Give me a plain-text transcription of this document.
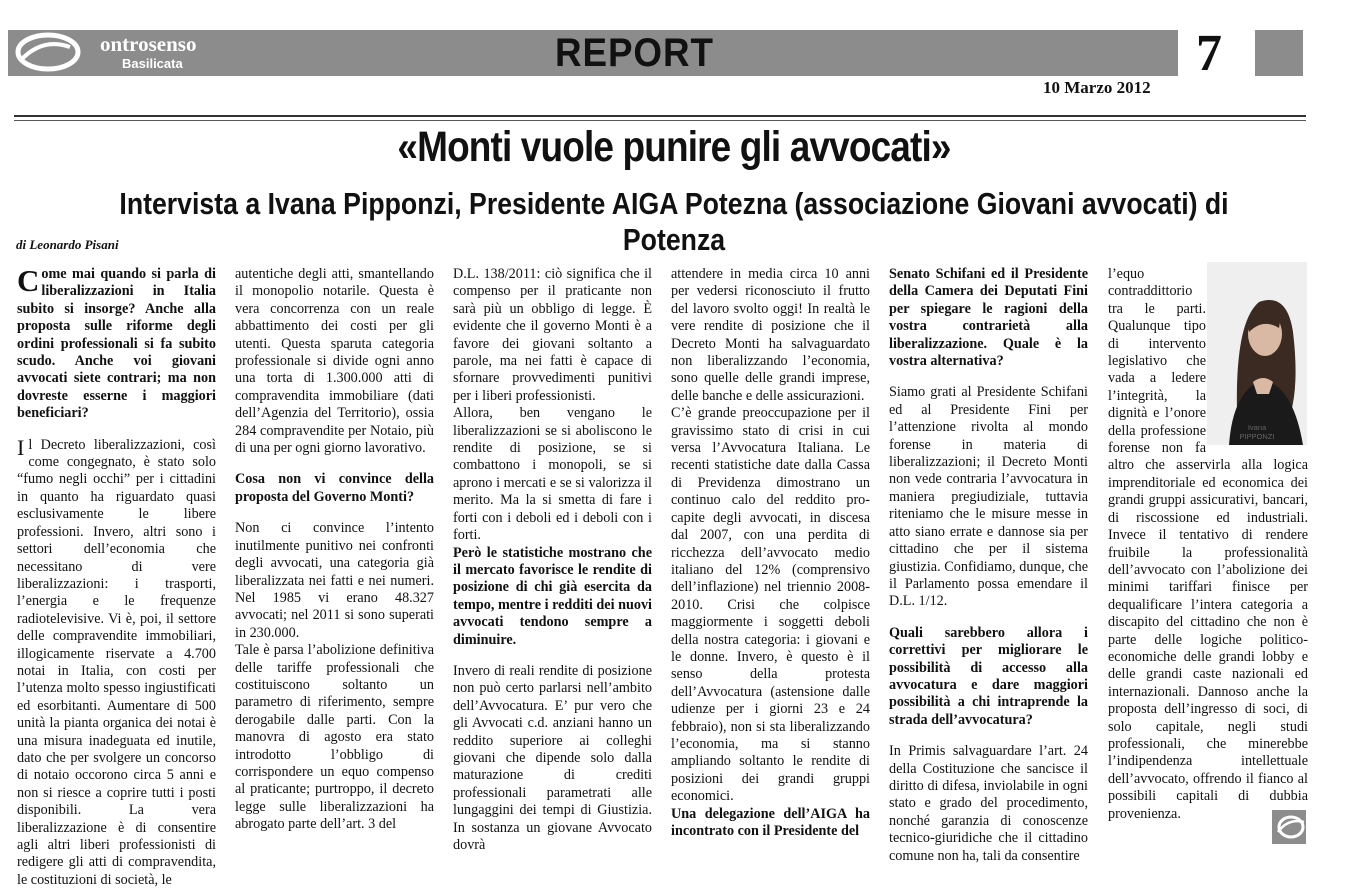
ontrosenso
Basilicata	REPORT	7
10 Marzo 2012
«Monti vuole punire gli avvocati»
Intervista a Ivana Pipponzi, Presidente AIGA Potezna (associazione Giovani avvocati) di Potenza
di Leonardo Pisani

Come mai quando si parla di liberalizzazioni in Italia subito si insorge? Anche alla proposta sulle riforme degli ordini professionali si fa subito scudo. Anche voi giovani avvocati siete contrari; ma non dovreste esserne i maggiori beneficiari?

Il Decreto liberalizzazioni, così come congegnato, è stato solo “fumo negli occhi” per i cittadini in quanto ha riguardato quasi esclusivamente le libere professioni. Invero, altri sono i settori dell’economia che necessitano di vere liberalizzazioni: i trasporti, l’energia e le frequenze radiotelevisive. Vi è, poi, il settore delle compravendite immobiliari, illogicamente riservate a 4.700 notai in Italia, con costi per l’utenza molto spesso ingiustificati ed esorbitanti. Aumentare di 500 unità la pianta organica dei notai è una misura inadeguata ed inutile, dato che per svolgere un concorso di notaio occorono circa 5 anni e non si riesce a coprire tutti i posti disponibili. La vera liberalizzazione è di consentire agli altri liberi professionisti di redigere gli atti di compravendita, le costituzioni di società, le

autentiche degli atti, smantellando il monopolio notarile. Questa è vera concorrenza con un reale abbattimento dei costi per gli utenti. Questa sparuta categoria professionale si divide ogni anno una torta di 1.300.000 atti di compravendita immobiliare (dati dell’Agenzia del Territorio), ossia 284 compravendite per Notaio, più di una per ogni giorno lavorativo.

Cosa non vi convince della proposta del Governo Monti?

Non ci convince l’intento inutilmente punitivo nei confronti degli avvocati, una categoria già liberalizzata nei fatti e nei numeri. Nel 1985 vi erano 48.327 avvocati; nel 2011 si sono superati in 230.000.

Tale è parsa l’abolizione definitiva delle tariffe professionali che costituiscono soltanto un parametro di riferimento, sempre derogabile dalle parti. Con la manovra di agosto era stato introdotto l’obbligo di corrispondere un equo compenso al praticante; purtroppo, il decreto legge sulle liberalizzazioni ha abrogato parte dell’art. 3 del

D.L. 138/2011: ciò significa che il compenso per il praticante non sarà più un obbligo di legge. È evidente che il governo Monti è a favore dei giovani soltanto a parole, ma nei fatti è capace di sfornare provvedimenti punitivi per i liberi professionisti.

Allora, ben vengano le liberalizzazioni se si aboliscono le rendite di posizione, se si combattono i monopoli, se si aprono i mercati e se si valorizza il merito. Ma la si smetta di fare i forti con i deboli ed i deboli con i forti.

Però le statistiche mostrano che il mercato favorisce le rendite di posizione di chi già esercita da tempo, mentre i redditi dei nuovi avvocati tendono sempre a diminuire.

Invero di reali rendite di posizione non può certo parlarsi nell’ambito dell’Avvocatura. E’ pur vero che gli Avvocati c.d. anziani hanno un reddito superiore ai colleghi giovani che dipende solo dalla maturazione di crediti professionali parametrati alle lungaggini dei tempi di Giustizia. In sostanza un giovane Avvocato dovrà

attendere in media circa 10 anni per vedersi riconosciuto il frutto del lavoro svolto oggi! In realtà le vere rendite di posizione che il Decreto Monti ha salvaguardato non liberalizzando l’economia, sono quelle delle grandi imprese, delle banche e delle assicurazioni.

C’è grande preoccupazione per il gravissimo stato di crisi in cui versa l’Avvocatura Italiana. Le recenti statistiche date dalla Cassa di Previdenza dimostrano un continuo calo del reddito pro-capite degli avvocati, in discesa dal 2007, con una perdita di ricchezza dell’avvocato medio italiano del 12% (comprensivo dell’inflazione) nel triennio 2008-2010. Crisi che colpisce maggiormente i soggetti deboli della nostra categoria: i giovani e le donne. Invero, è questo è il senso della protesta dell’Avvocatura (astensione dalle udienze per i giorni 23 e 24 febbraio), non si sta liberalizzando l’economia, ma si stanno ampliando soltanto le rendite di posizioni dei grandi gruppi economici.

Una delegazione dell’AIGA ha incontrato con il Presidente del

Senato Schifani ed il Presidente della Camera dei Deputati Fini per spiegare le ragioni della vostra contrarietà alla liberalizzazione. Quale è la vostra alternativa?

Siamo grati al Presidente Schifani ed al Presidente Fini per l’attenzione rivolta al mondo forense in materia di liberalizzazioni; il Decreto Monti non vede contraria l’avvocatura in maniera pregiudiziale, tuttavia riteniamo che le misure messe in atto siano errate e dannose sia per cittadino che per il sistema giustizia. Confidiamo, dunque, che il Parlamento possa emendare il D.L. 1/12.

Quali sarebbero allora i correttivi per migliorare le possibilità di accesso alla avvocatura e dare maggiori possibilità a chi intraprende la strada dell’avvocatura?

In Primis salvaguardare l’art. 24 della Costituzione che sancisce il diritto di difesa, inviolabile in ogni stato e grado del procedimento, nonché garanzia di conoscenze tecnico-giuridiche che il cittadino comune non ha, tali da consentire

l’equo contraddittorio tra le parti. Qualunque tipo di intervento legislativo che vada a ledere l’integrità, la dignità e l’onore della professione forense non fa altro che asservirla alla logica imprenditoriale ed economica dei grandi gruppi assicurativi, bancari, di riscossione ed industriali. Invece il tentativo di rendere fruibile la professionalità dell’avvocato con l’abolizione dei minimi tariffari finisce per dequalificare l’intera categoria a discapito del cittadino che non è parte delle logiche politico-economiche delle grandi lobby e delle grandi caste nazionali ed internazionali. Dannoso anche la proposta dell’ingresso di soci, di solo capitale, negli studi professionali, che minerebbe l’indipendenza intellettuale dell’avvocato, offrendo il fianco al possibili capitali di dubbia provenienza.

Ivana
PIPPONZI
